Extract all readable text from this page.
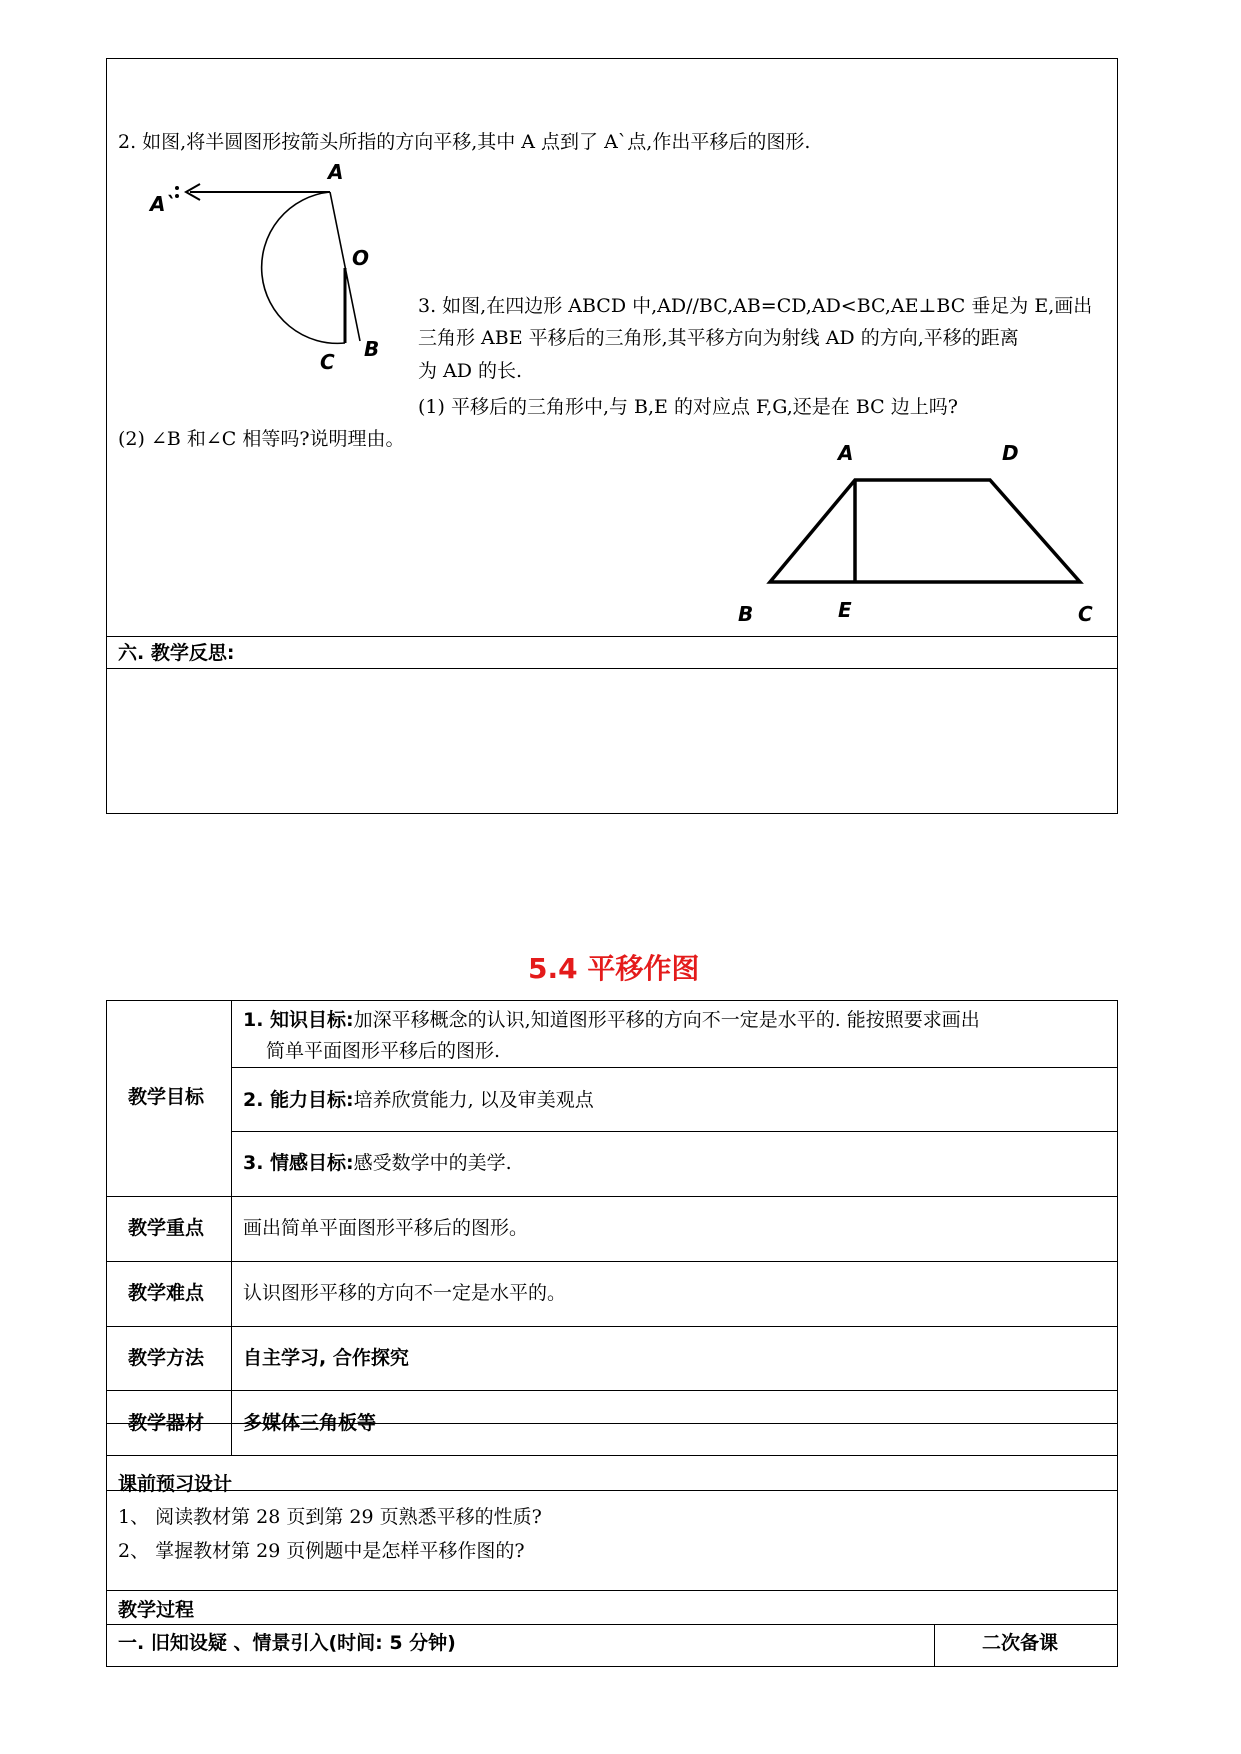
2. 如图,将半圆图形按箭头所指的方向平移,其中 A 点到了 A`点,作出平移后的图形.
A`
A
O
C
B
3. 如图,在四边形 ABCD 中,AD//BC,AB=CD,AD<BC,AE⊥BC 垂足为 E,画出
三角形 ABE 平移后的三角形,其平移方向为射线 AD 的方向,平移的距离
为 AD 的长.
(1) 平移后的三角形中,与 B,E 的对应点 F,G,还是在 BC 边上吗?
(2) ∠B 和∠C 相等吗?说明理由。
A	D
B	E	C
六. 教学反思:
5.4 平移作图
教学目标
1. 知识目标:加深平移概念的认识,知道图形平移的方向不一定是水平的. 能按照要求画出
简单平面图形平移后的图形.
2. 能力目标:培养欣赏能力, 以及审美观点
3. 情感目标:感受数学中的美学.
教学重点 画出简单平面图形平移后的图形。
教学难点 认识图形平移的方向不一定是水平的。
教学方法 自主学习, 合作探究
教学器材 多媒体三角板等
课前预习设计
1、 阅读教材第 28 页到第 29 页熟悉平移的性质?
2、 掌握教材第 29 页例题中是怎样平移作图的?
教学过程
一. 旧知设疑 、情景引入(时间: 5 分钟)	二次备课
